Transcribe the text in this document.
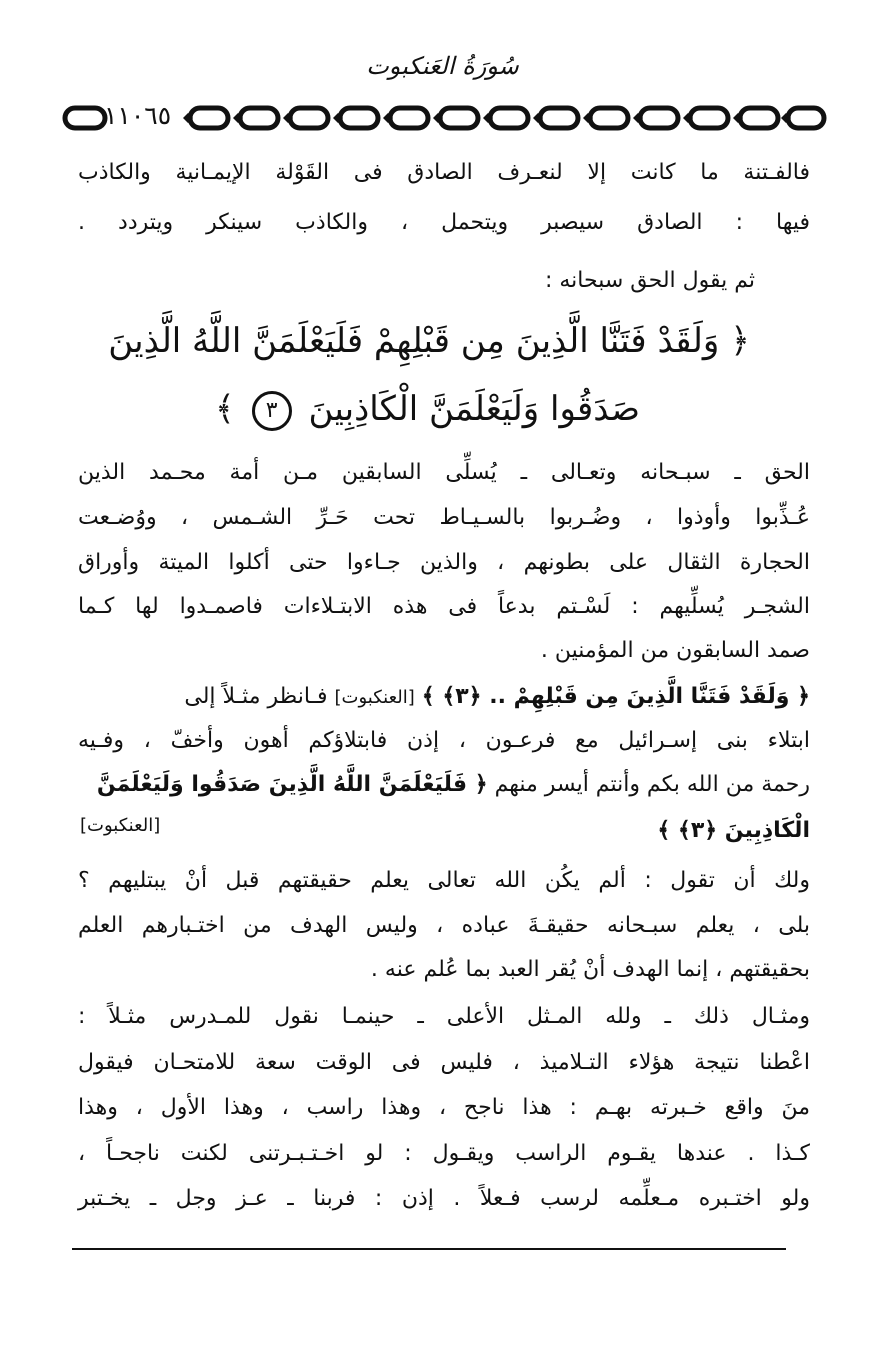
سُورَةُ العَنكبوت
١١٠٦٥
فالفـتنة ما كانت إلا لنعـرف الصادق فى القَوْلة الإيمـانية والكاذب
فيها : الصادق سيصبر ويتحمل ، والكاذب سينكر ويتردد .
ثم يقول الحق سبحانه :
﴿ وَلَقَدْ فَتَنَّا الَّذِينَ مِن قَبْلِهِمْ فَلَيَعْلَمَنَّ اللَّهُ الَّذِينَ
صَدَقُوا وَلَيَعْلَمَنَّ الْكَاذِبِينَ ٣ ﴾
الحق ـ سبـحانه وتعـالى ـ يُسلِّى السابقين مـن أمة محـمد الذين
عُـذِّبوا وأوذوا ، وضُـربوا بالسـيـاط تحت حَـرِّ الشـمس ، ووُضـعت
الحجارة الثقال على بطونهم ، والذين جـاءوا حتى أكلوا الميتة وأوراق
الشجـر يُسلِّيهم : لَسْـتم بدعاً فى هذه الابتـلاءات فاصمـدوا لها كـما
صمد السابقون من المؤمنين .
﴿ وَلَقَدْ فَتَنَّا الَّذِينَ مِن قَبْلِهِمْ .. ﴿٣﴾ ﴾ [العنكبوت] فـانظر مثـلاً إلى
ابتلاء بنى إسـرائيل مع فرعـون ، إذن فابتلاؤكم أهون وأخفّ ، وفـيه
رحمة من الله بكم وأنتم أيسر منهم ﴿ فَلَيَعْلَمَنَّ اللَّهُ الَّذِينَ صَدَقُوا وَلَيَعْلَمَنَّ
الْكَاذِبِينَ ﴿٣﴾ ﴾
[العنكبوت]
ولك أن تقول : ألم يكُن الله تعالى يعلم حقيقتهم قبل أنْ يبتليهم ؟
بلى ، يعلم سبـحانه حقيقـةَ عباده ، وليس الهدف من اختـبارهم العلم
بحقيقتهم ، إنما الهدف أنْ يُقر العبد بما عُلم عنه .
ومثـال ذلك ـ ولله المـثل الأعلى ـ حينمـا نقول للمـدرس مثـلاً :
اعْطنا نتيجة هؤلاء التـلاميذ ، فليس فى الوقت سعة للامتحـان فيقول
منَ واقع خـبرته بهـم : هذا ناجح ، وهذا راسب ، وهذا الأول ، وهذا
كـذا . عندها يقـوم الراسب ويقـول : لو اخـتـبـرتنى لكنت ناجحـاً ،
ولو اختـبره مـعلِّمه لرسب فـعلاً . إذن : فربنا ـ عـز وجل ـ يخـتبر
